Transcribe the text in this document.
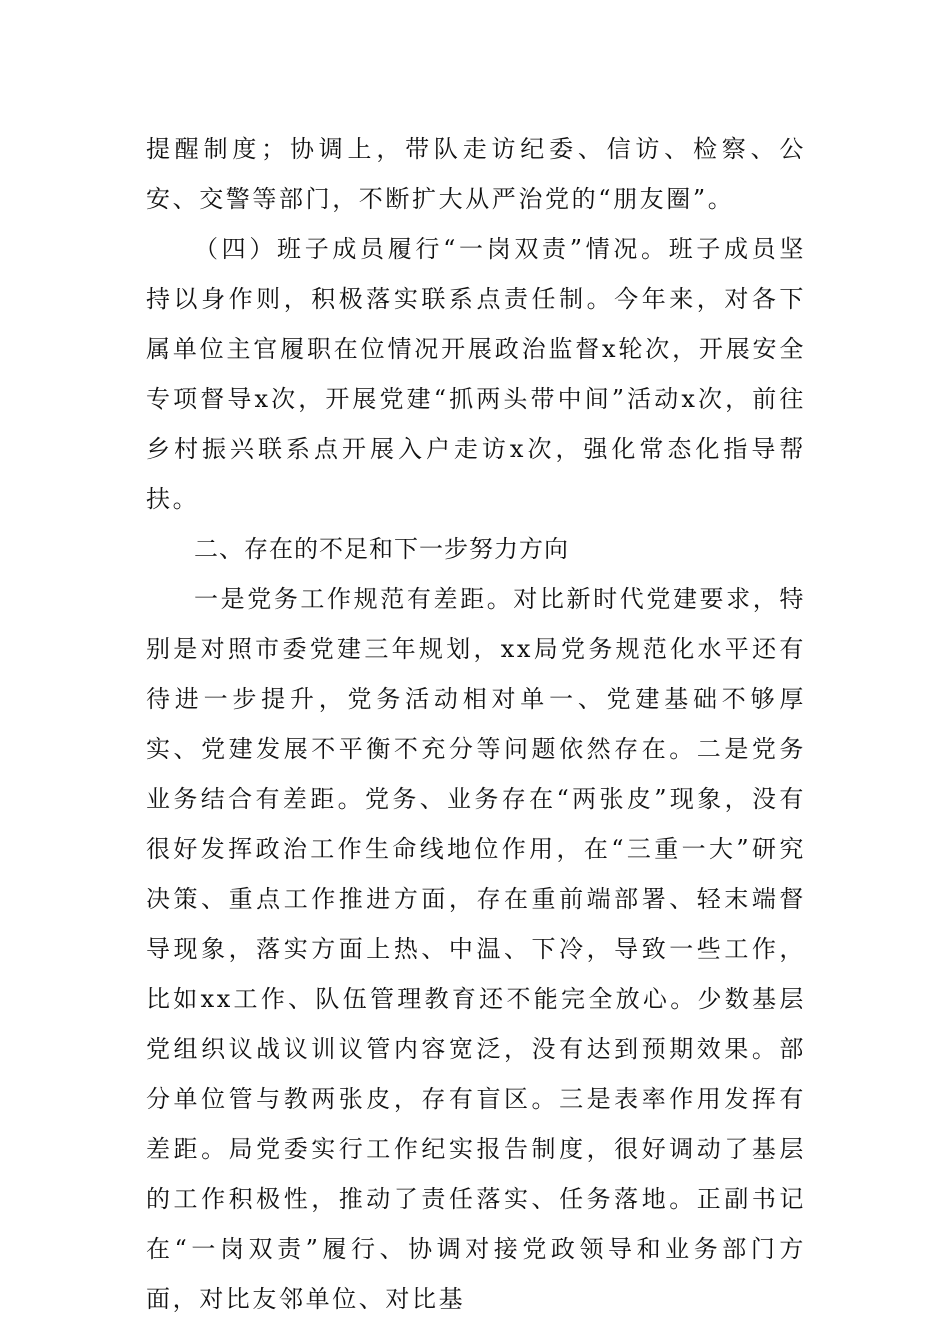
提醒制度；协调上，带队走访纪委、信访、检察、公安、交警等部门，不断扩大从严治党的“朋友圈”。

（四）班子成员履行“一岗双责”情况。班子成员坚持以身作则，积极落实联系点责任制。今年来，对各下属单位主官履职在位情况开展政治监督x轮次，开展安全专项督导x次，开展党建“抓两头带中间”活动x次，前往乡村振兴联系点开展入户走访x次，强化常态化指导帮扶。

二、存在的不足和下一步努力方向

一是党务工作规范有差距。对比新时代党建要求，特别是对照市委党建三年规划，xx局党务规范化水平还有待进一步提升，党务活动相对单一、党建基础不够厚实、党建发展不平衡不充分等问题依然存在。二是党务业务结合有差距。党务、业务存在“两张皮”现象，没有很好发挥政治工作生命线地位作用，在“三重一大”研究决策、重点工作推进方面，存在重前端部署、轻末端督导现象，落实方面上热、中温、下冷，导致一些工作，比如xx工作、队伍管理教育还不能完全放心。少数基层党组织议战议训议管内容宽泛，没有达到预期效果。部分单位管与教两张皮，存有盲区。三是表率作用发挥有差距。局党委实行工作纪实报告制度，很好调动了基层的工作积极性，推动了责任落实、任务落地。正副书记在“一岗双责”履行、协调对接党政领导和业务部门方面，对比友邻单位、对比基
